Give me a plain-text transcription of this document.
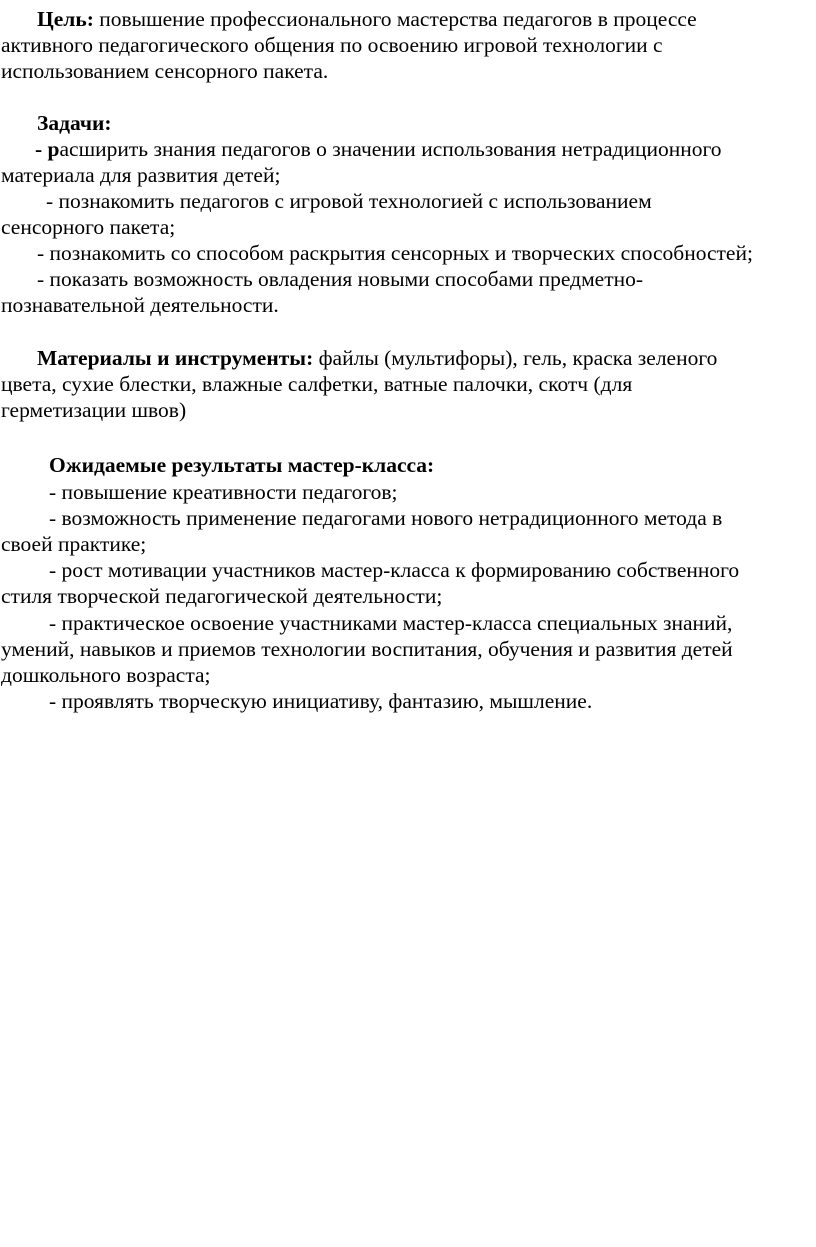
Цель: повышение профессионального мастерства педагогов в процессе
активного педагогического общения по освоению игровой технологии с
использованием сенсорного пакета.
Задачи:
- расширить знания педагогов о значении использования нетрадиционного
материала для развития детей;
- познакомить педагогов с игровой технологией с использованием
сенсорного пакета;
- познакомить со способом раскрытия сенсорных и творческих способностей;
- показать возможность овладения новыми способами предметно-
познавательной деятельности.
Материалы и инструменты: файлы (мультифоры), гель, краска зеленого
цвета, сухие блестки, влажные салфетки, ватные палочки, скотч (для
герметизации швов)
Ожидаемые результаты мастер-класса:
- повышение креативности педагогов;
- возможность применение педагогами нового нетрадиционного метода в
своей практике;
- рост мотивации участников мастер-класса к формированию собственного
стиля творческой педагогической деятельности;
- практическое освоение участниками мастер-класса специальных знаний,
умений, навыков и приемов технологии воспитания, обучения и развития детей
дошкольного возраста;
- проявлять творческую инициативу, фантазию, мышление.
